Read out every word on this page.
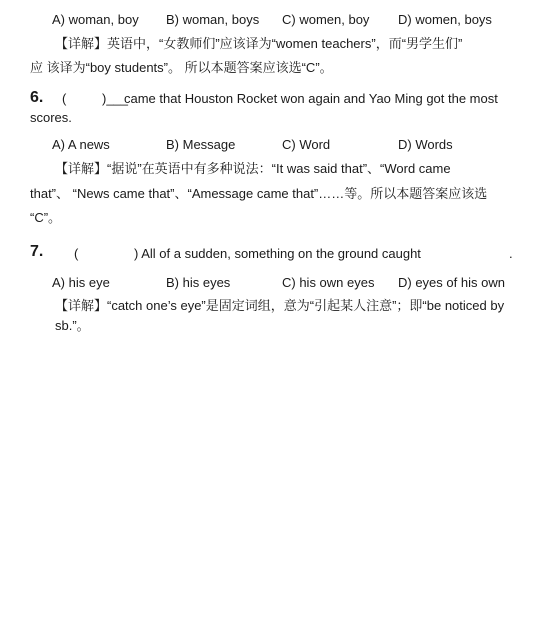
A) woman, boy B) woman, boys C) women, boy D) women, boys
【详解】英语中，“女教师们”应该译为“women teachers”，而“男学生们”
应 该译为“boy students”。 所以本题答案应该选“C”。
6. (	)___
came that Houston Rocket won again and Yao Ming got the most
scores.
A) A news	B) Message	C) Word	D) Words
【详解】“据说”在英语中有多种说法：“It was said that”、“Word came
that”、 “News came that”、“Amessage came that”……等。所以本题答案应该选
“C”。
7. (	) All of a sudden, something on the ground caught	.
A) his eye	B) his eyes	C) his own eyes D) eyes of his own
【详解】“catch one’s eye”是固定词组，意为“引起某人注意”；即“be noticed by
sb.”。
